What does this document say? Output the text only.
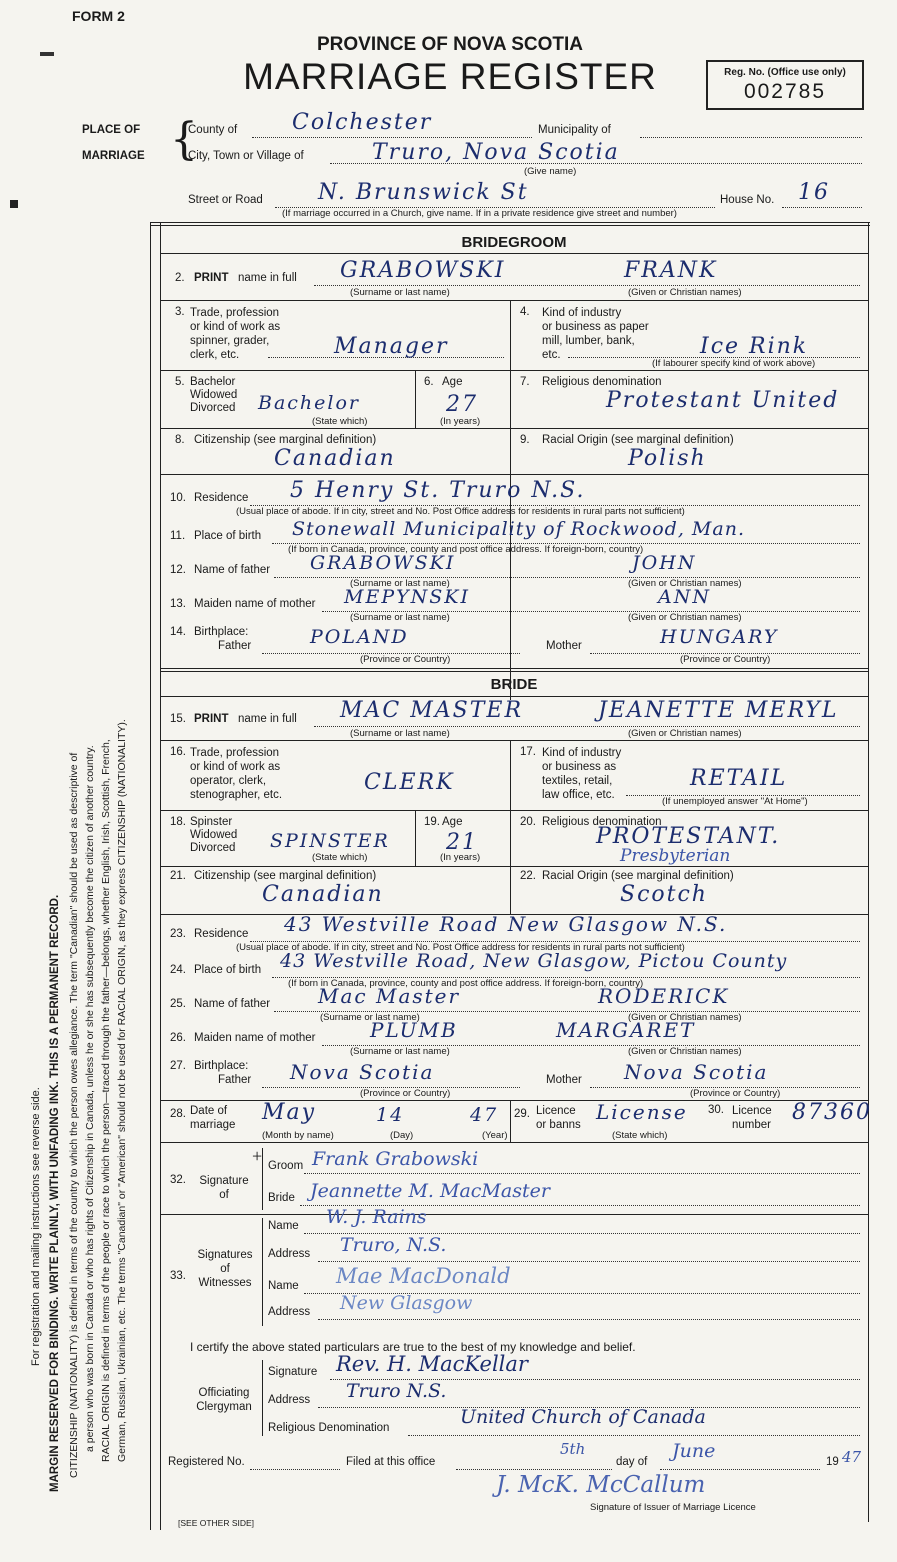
FORM 2
PROVINCE OF NOVA SCOTIA
MARRIAGE REGISTER	Reg. No. (Office use only)
002785
PLACE OF
MARRIAGE {
County of Colchester	Municipality of
City, Town or Village of	Truro, Nova Scotia
(Give name)
Street or Road	N. Brunswick St	House No. 16
(If marriage occurred in a Church, give name. If in a private residence give street and number)
BRIDEGROOM
2. PRINT name in full GRABOWSKI	FRANK
(Surname or last name)	(Given or Christian names)
3. Trade, profession
or kind of work as
spinner, grader,
clerk, etc.	Manager
4. Kind of industry
or business as paper
mill, lumber, bank,
etc.	Ice Rink
(If labourer specify kind of work above)
5. Bachelor
Widowed
Divorced Bachelor
(State which)
6. Age
27
(In years)
7. Religious denomination
Protestant United
8. Citizenship (see marginal definition)
Canadian
9. Racial Origin (see marginal definition)
Polish
10. Residence 5 Henry St. Truro N.S.
(Usual place of abode. If in city, street and No. Post Office address for residents in rural parts not sufficient)
11. Place of birth Stonewall Municipality of Rockwood, Man.
(If born in Canada, province, county and post office address. If foreign-born, country)
12. Name of father GRABOWSKI	JOHN
(Surname or last name)	(Given or Christian names)
13. Maiden name of mother MEPYNSKI	ANN
(Surname or last name)	(Given or Christian names)
14. Birthplace:
Father	POLAND	Mother	HUNGARY
(Province or Country)	(Province or Country)
BRIDE
15. PRINT name in full MAC MASTER	JEANETTE MERYL
(Surname or last name)	(Given or Christian names)
16. Trade, profession
or kind of work as
operator, clerk,
stenographer, etc.	CLERK
17. Kind of industry
or business as
textiles, retail,
law office, etc.
RETAIL
(If unemployed answer "At Home")
18. Spinster
Widowed
Divorced SPINSTER
(State which)
19. Age
21
(In years)
20. Religious denomination
PROTESTANT.
Presbyterian
21. Citizenship (see marginal definition)
Canadian
22. Racial Origin (see marginal definition)
Scotch
23. Residence 43 Westville Road New Glasgow N.S.
(Usual place of abode. If in city, street and No. Post Office address for residents in rural parts not sufficient)
24. Place of birth 43 Westville Road, New Glasgow, Pictou County
(If born in Canada, province, county and post office address. If foreign-born, country)
25. Name of father Mac Master	RODERICK
(Surname or last name)	(Given or Christian names)
26. Maiden name of mother	PLUMB	MARGARET
(Surname or last name)	(Given or Christian names)
27. Birthplace:
Father Nova Scotia	Mother Nova Scotia
(Province or Country)	(Province or Country)
28. Date of
marriage May	14	47
(Month by name)	(Day)	(Year)
29. Licence
or banns
License
(State which)
30. Licence
number 87360
32.	Signature
of
+ Groom Frank Grabowski
Bride Jeannette M. MacMaster
33.
Signatures
of
Witnesses
Name W. J. Rains
Address Truro, N.S.
Name Mae MacDonald
Address New Glasgow
I certify the above stated particulars are true to the best of my knowledge and belief.
Officiating
Clergyman
Signature Rev. H. MacKellar
Address Truro N.S.
Religious Denomination	United Church of Canada
Registered No.	Filed at this office
5th
day of June	19 47
J. McK. McCallum
Signature of Issuer of Marriage Licence
[SEE OTHER SIDE]
For registration and mailing instructions see reverse side. MARGIN RESERVED FOR BINDING. WRITE PLAINLY, WITH UNFADING INK. THIS IS A PERMANENT RECORD. CITIZENSHIP (NATIONALITY) is defined in terms of the country to which the person owes allegiance. The term "Canadian" should be used as descriptive of a person who was born in Canada or who has rights of Citizenship in Canada, unless he or she has subsequently become the citizen of another country. RACIAL ORIGIN is defined in terms of the people or race to which the person—traced through the father—belongs, whether English, Irish, Scottish, French, German, Russian, Ukrainian, etc. The terms "Canadian" or "American" should not be used for RACIAL ORIGIN, as they express CITIZENSHIP (NATIONALITY).
